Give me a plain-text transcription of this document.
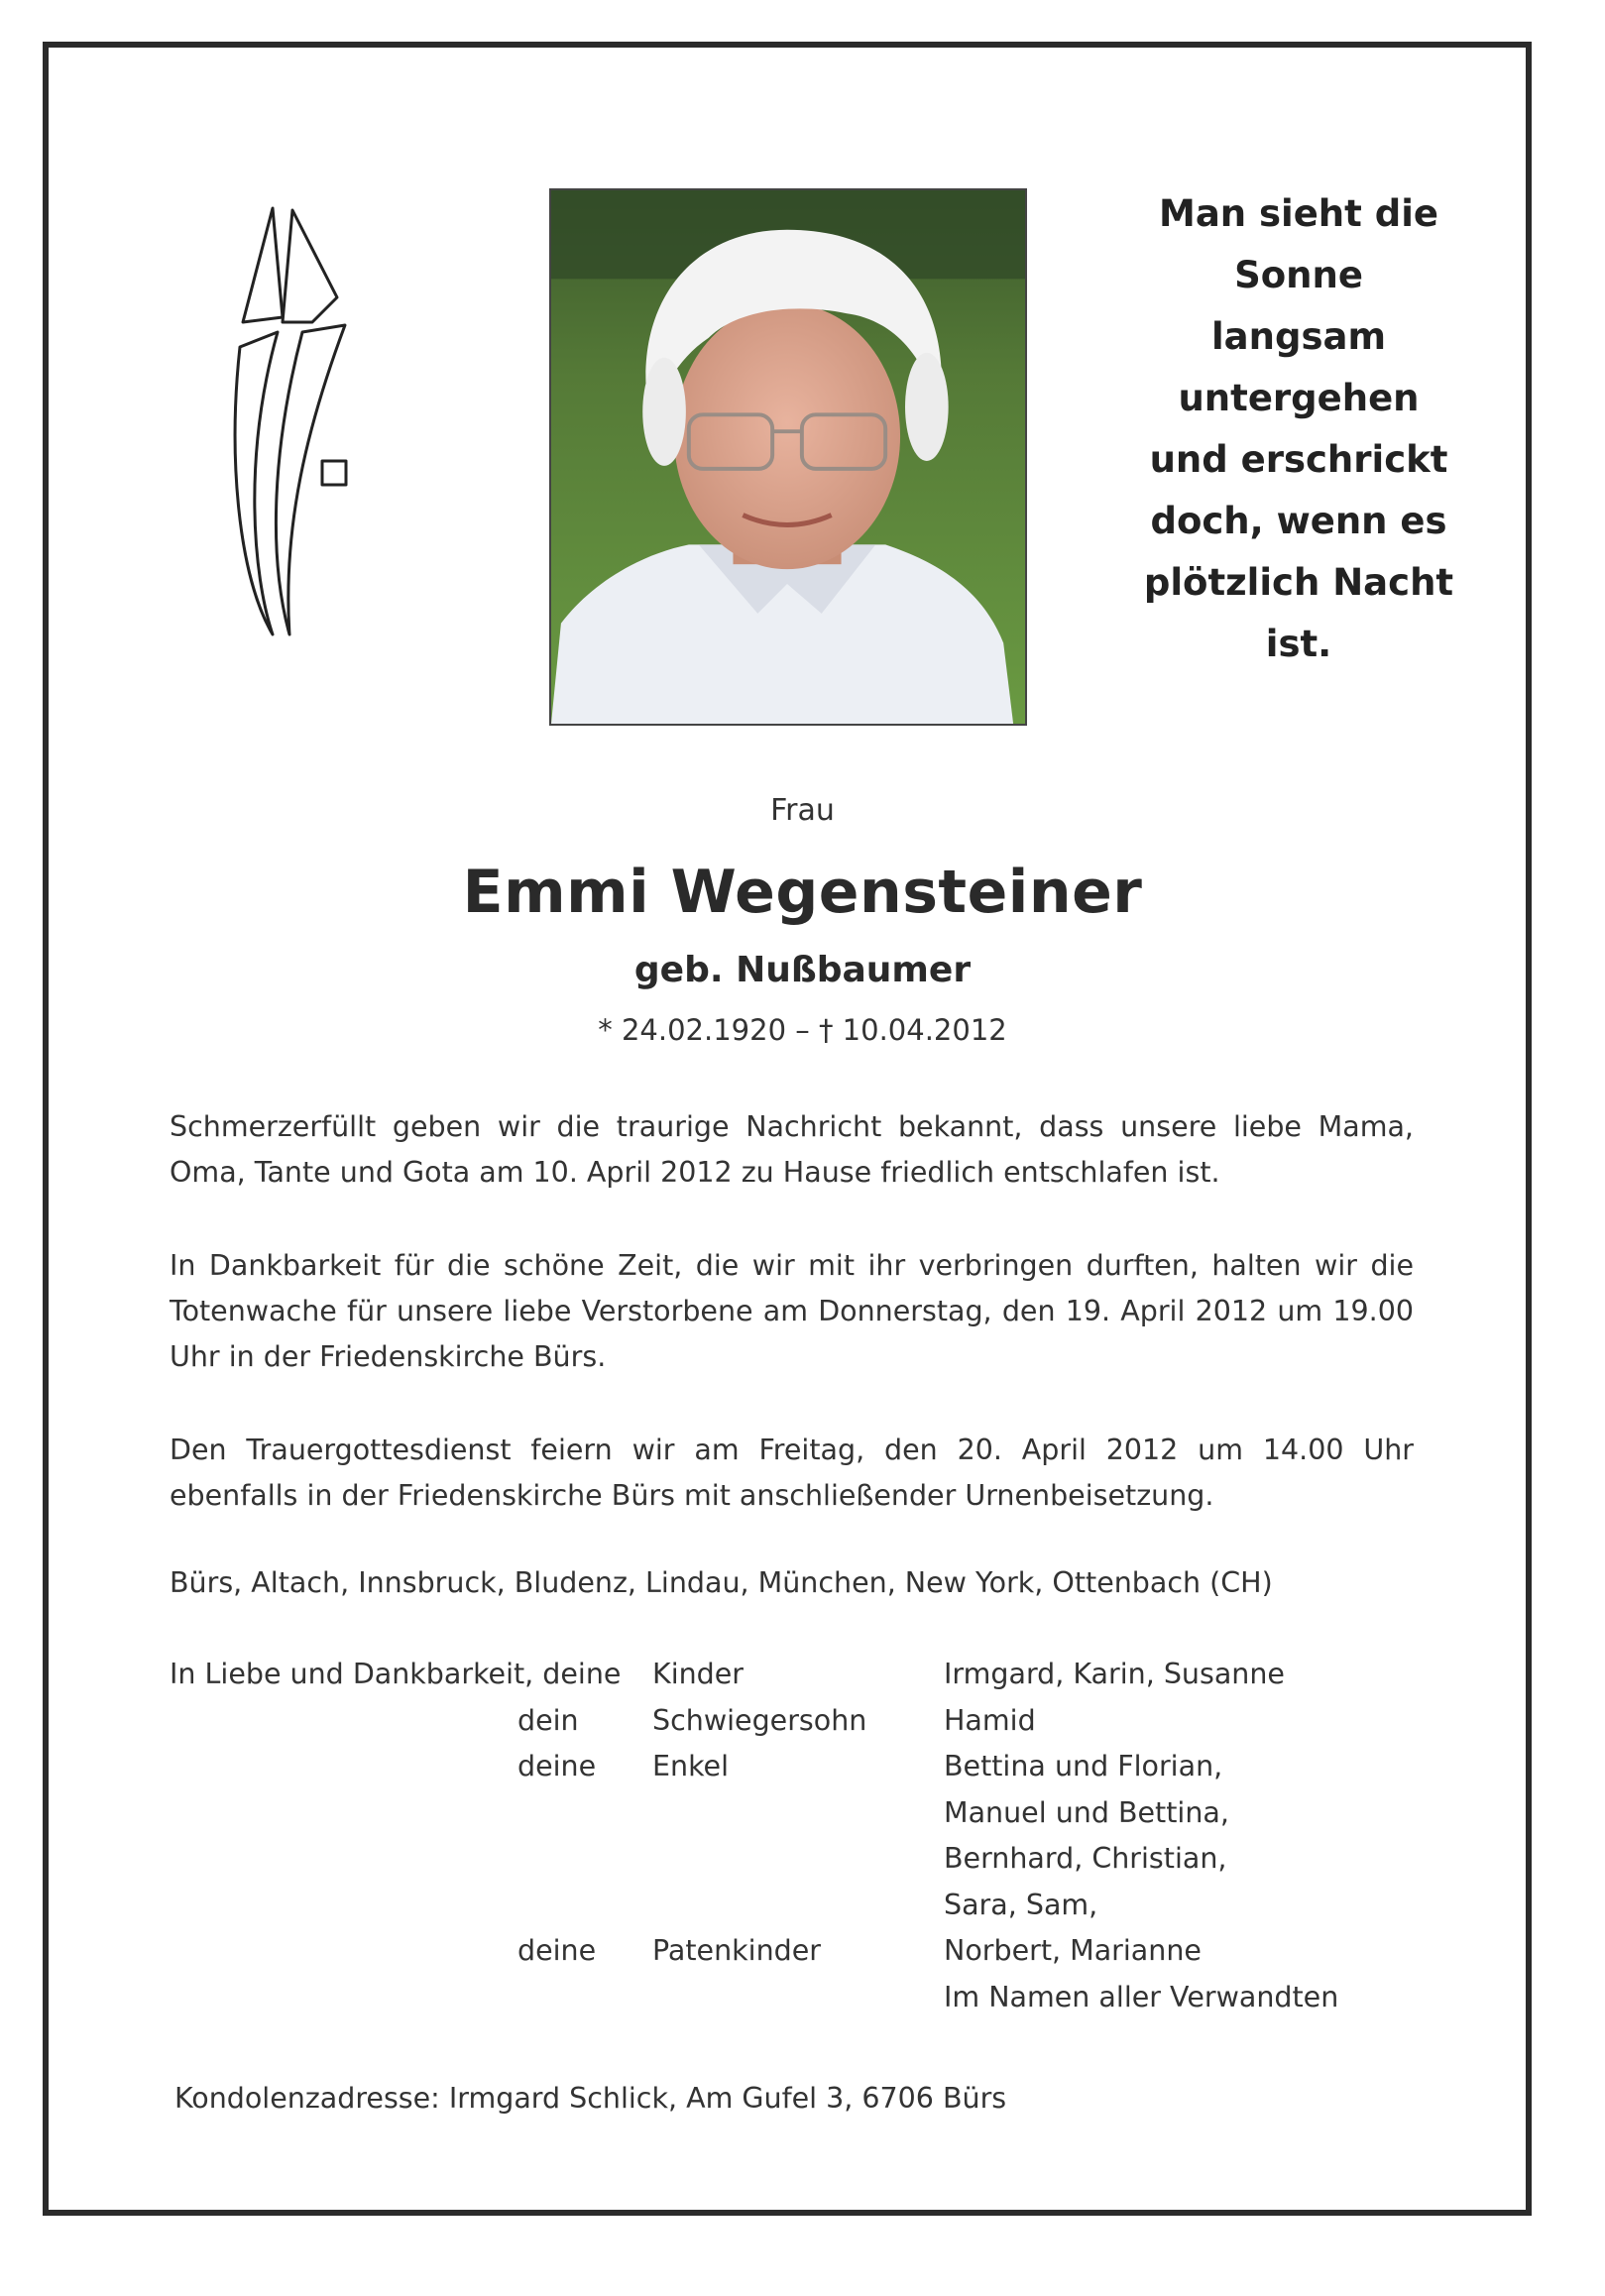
Man sieht die
Sonne
langsam
untergehen
und erschrickt
doch, wenn es
plötzlich Nacht
ist.
Frau
Emmi Wegensteiner
geb. Nußbaumer
* 24.02.1920 – † 10.04.2012
Schmerzerfüllt geben wir die traurige Nachricht bekannt, dass unsere liebe Mama, Oma, Tante und Gota am 10. April 2012 zu Hause friedlich entschlafen ist.
In Dankbarkeit für die schöne Zeit, die wir mit ihr verbringen durften, halten wir die Totenwache für unsere liebe Verstorbene am Donnerstag, den 19. April 2012 um 19.00 Uhr in der Friedenskirche Bürs.
Den Trauergottesdienst feiern wir am Freitag, den 20. April 2012 um 14.00 Uhr ebenfalls in der Friedenskirche Bürs mit anschließender Urnenbeisetzung.
Bürs, Altach, Innsbruck, Bludenz, Lindau, München, New York, Ottenbach (CH)
In Liebe und Dankbarkeit, deine Kinder	Irmgard, Karin, Susanne
dein	Schwiegersohn	Hamid
deine Enkel	Bettina und Florian,
Manuel und Bettina,
Bernhard, Christian,
Sara, Sam,
deine Patenkinder	Norbert, Marianne
Im Namen aller Verwandten
Kondolenzadresse: Irmgard Schlick, Am Gufel 3, 6706 Bürs
